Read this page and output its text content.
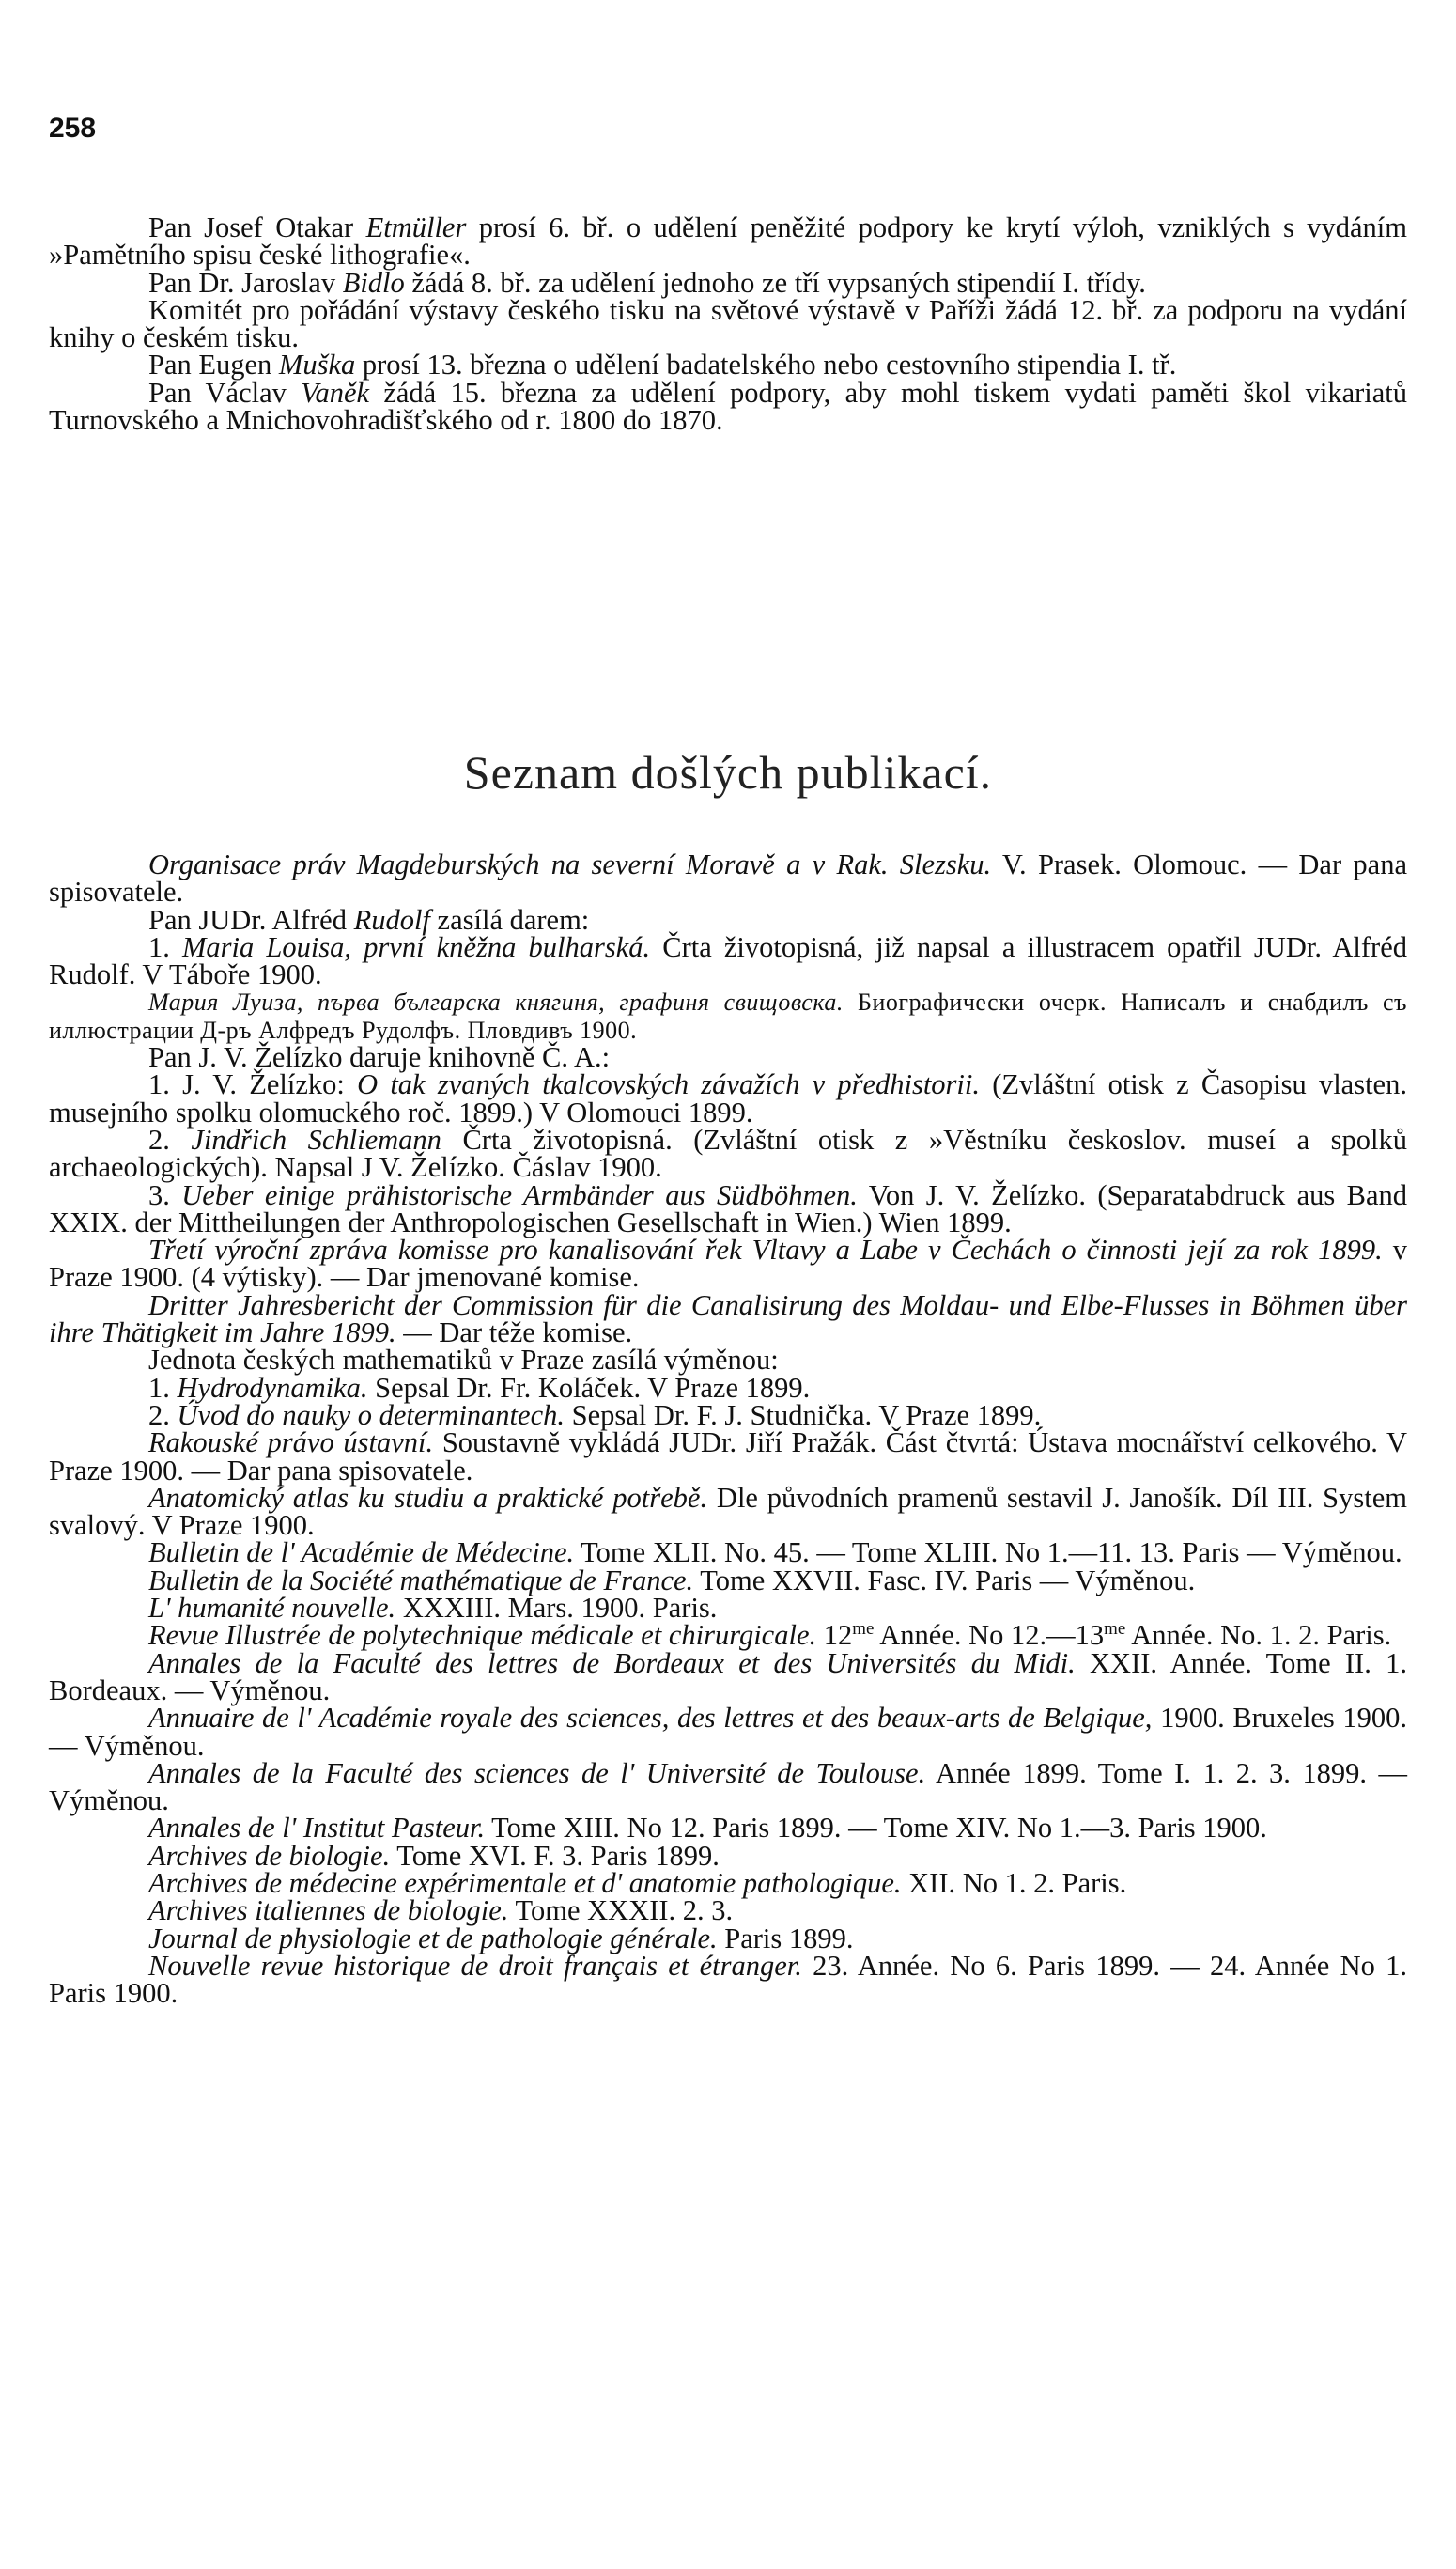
258

Pan Josef Otakar Etmüller prosí 6. bř. o udělení peněžité podpory ke krytí výloh, vzniklých s vydáním »Pamětního spisu české lithografie«.

Pan Dr. Jaroslav Bidlo žádá 8. bř. za udělení jednoho ze tří vypsaných stipendií I. třídy.

Komitét pro pořádání výstavy českého tisku na světové výstavě v Paříži žádá 12. bř. za podporu na vydání knihy o českém tisku.

Pan Eugen Muška prosí 13. března o udělení badatelského nebo cestovního stipendia I. tř.

Pan Václav Vaněk žádá 15. března za udělení podpory, aby mohl tiskem vydati paměti škol vikariatů Turnovského a Mnichovohradišťského od r. 1800 do 1870.

Seznam došlých publikací.

Organisace práv Magdeburských na severní Moravě a v Rak. Slezsku. V. Prasek. Olomouc. — Dar pana spisovatele.

Pan JUDr. Alfréd Rudolf zasílá darem:

1. Maria Louisa, první kněžna bulharská. Črta životopisná, již napsal a illustracem opatřil JUDr. Alfréd Rudolf. V Táboře 1900.

Мария Луиза, първа българска княгиня, графиня свищовска. Биографически очерк. Написалъ и снабдилъ съ иллюстрации Д-ръ Алфредъ Рудолфъ. Пловдивъ 1900.

Pan J. V. Želízko daruje knihovně Č. A.:

1. J. V. Želízko: O tak zvaných tkalcovských závažích v předhistorii. (Zvláštní otisk z Časopisu vlasten. musejního spolku olomuckého roč. 1899.) V Olomouci 1899.

2. Jindřich Schliemann Črta životopisná. (Zvláštní otisk z »Věstníku českoslov. museí a spolků archaeologických). Napsal J V. Želízko. Čáslav 1900.

3. Ueber einige prähistorische Armbänder aus Südböhmen. Von J. V. Želízko. (Separatabdruck aus Band XXIX. der Mittheilungen der Anthropologischen Gesellschaft in Wien.) Wien 1899.

Třetí výroční zpráva komisse pro kanalisování řek Vltavy a Labe v Čechách o činnosti její za rok 1899. v Praze 1900. (4 výtisky). — Dar jmenované komise.

Dritter Jahresbericht der Commission für die Canalisirung des Moldau- und Elbe-Flusses in Böhmen über ihre Thätigkeit im Jahre 1899. — Dar téže komise.

Jednota českých mathematiků v Praze zasílá výměnou:

1. Hydrodynamika. Sepsal Dr. Fr. Koláček. V Praze 1899.

2. Úvod do nauky o determinantech. Sepsal Dr. F. J. Studnička. V Praze 1899.

Rakouské právo ústavní. Soustavně vykládá JUDr. Jiří Pražák. Část čtvrtá: Ústava mocnářství celkového. V Praze 1900. — Dar pana spisovatele.

Anatomický atlas ku studiu a praktické potřebě. Dle původních pramenů sestavil J. Janošík. Díl III. System svalový. V Praze 1900.

Bulletin de l' Académie de Médecine. Tome XLII. No. 45. — Tome XLIII. No 1.—11. 13. Paris — Výměnou.

Bulletin de la Société mathématique de France. Tome XXVII. Fasc. IV. Paris — Výměnou.

L' humanité nouvelle. XXXIII. Mars. 1900. Paris.

Revue Illustrée de polytechnique médicale et chirurgicale. $12^{me}$ Année. No $12.—13^{me}$ Année. No. 1. 2. Paris.

Annales de la Faculté des lettres de Bordeaux et des Universités du Midi. XXII. Année. Tome II. 1. Bordeaux. — Výměnou.

Annuaire de l' Académie royale des sciences, des lettres et des beaux-arts de Belgique, 1900. Bruxeles 1900. — Výměnou.

Annales de la Faculté des sciences de l' Université de Toulouse. Année 1899. Tome I. 1. 2. 3. 1899. — Výměnou.

Annales de l' Institut Pasteur. Tome XIII. No 12. Paris 1899. — Tome XIV. No 1.—3. Paris 1900.

Archives de biologie. Tome XVI. F. 3. Paris 1899.

Archives de médecine expérimentale et d' anatomie pathologique. XII. No 1. 2. Paris.

Archives italiennes de biologie. Tome XXXII. 2. 3.

Journal de physiologie et de pathologie générale. Paris 1899.

Nouvelle revue historique de droit français et étranger. 23. Année. No 6. Paris 1899. — 24. Année No 1. Paris 1900.
